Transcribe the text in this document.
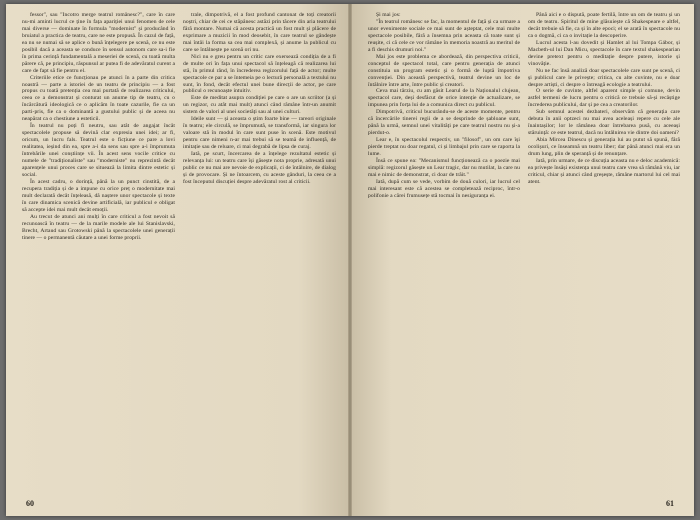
fessor", sau "Incotro merge teatrul românesc?", care în care nu-mi aminti lucrul ce ține în fața apariției unui fenomen de cele mai diverse — dominate în formula "modernist" și producând în bruiatul a practica de teatru, care ne este propusă. În cazul de față, ea nu se numai să se aplice o bună înțelegere pe scenă, ce nu este posibil dacă a aceasta se conduce în sensul autonom care sa-i fie în prima cerință fundamentală a meseriei de scenă, cu toată multa părere că, pe principiu, răspunsul ar putea fi de adevăratul curent a care de fapt să fie pentru el.

Criteriile etice ce funcționau pe atunci în a parte din critica noastră — parte a istoriei de un teatru de principiu — a fost propus cu toată pretenția cea mai purtată de realizarea criticului, ceea ce a demonstrat și conturat un anume tip de teatru, cu o încărcătură ideologică ce o aplicăm în toate cazurile, fie ca un parti-pris, fie ca o dominantă a gustului public și de aceea nu neapărat ca o chestiune a esteticii.

În teatrul nu poți fi neutru, sau atât de angajat încât spectacolele propuse să devină clar expresia unei idei; ar fi, oricum, un lucru fals. Teatrul este o ficțiune ce pare a lovi realitatea, ieșind din ea, spre a-i da sens sau spre a-i împrumuta întrebările unei conștiințe vii. În acest sens vocile critice cu numele de "tradiționaliste" sau "moderniste" nu reprezintă decât aparențele unui proces care se situează la limita dintre estetic și social.

În acest cadru, o dorință, până la un punct cinstită, de a recupera tradiția și de a impune cu orice preț o modernitate mai mult declarată decât înțeleasă, dă naștere unor spectacole și texte în care dinamica scenică devine artificială, iar publicul e obligat să accepte idei mai mult decât emoții.

Au trecut de atunci ani mulți în care criticul a fost nevoit să recunoască în teatru — de la marile modele ale lui Stanislavski, Brecht, Artaud sau Grotowski până la spectacolele unei generații tinere — o permanentă căutare a unei forme proprii.

trale, dimpotrivă, el a fost profund cantonat de toți creatorii noștri, chiar de cei ce stăpânesc astăzi prin tăcere din aria teatrului fără montare. Numai că acesta practică un fost mult și plăcere de exprimare a muzicii în mod deosebit, în care teatrul se gândește mai întâi la forma sa cea mai complexă, și anume la publicul cu care se întâlnește pe scenă ori nu.

Nici nu e greu pentru un critic care exersează condiția de a fi de multe ori în fața unui spectacol să înțeleagă că realizarea lui stă, în primul rând, în încrederea regizorului față de actor; multe spectacole ce par a se întemeia pe o lecturǎ personalǎ a textului nu sunt, în fond, decât efectul unei bune direcții de actor, pe care publicul o recunoaște intuitiv.

Este de meditat asupra condiției pe care o are un scriitor (a și un regizor, cu atât mai mult) atunci când rămâne într-un anumit sistem de valori al unei societăți sau al unei culturi.

Ideile sunt — și aceasta o știm foarte bine — rareori originale în teatru; ele circulă, se împrumută, se transformă, iar singura lor valoare stă în modul în care sunt puse în scenă. Este motivul pentru care nimeni n-ar mai trebui să se teamă de influență, de imitație sau de reluare, ci mai degrabă de lipsa de curaj.

Iată, pe scurt, încercarea de a înțelege rezultatul estetic și relevanța lui: un teatru care își găsește nota proprie, adresată unui public ce nu mai are nevoie de explicații, ci de întâlnire, de dialog și de provocare. Și ne întoarcem, cu aceste gânduri, la ceea ce a fost începutul discuției despre adevăratul rost al criticii.

60

Și mai jos:

"În teatrul românesc se fac, la momentul de față și ca urmare a unor evenimente sociale ce mai sunt de așteptat, cele mai multe spectacole posibile, fără a însemna prin aceasta că toate sunt și reușite, ci că cele ce vor rămâne în memoria noastră au meritul de a fi deschis drumuri noi."

Mai jos este problema ce abordează, din perspectiva criticii, conceptul de spectacol total, care pentru generația de atunci constituia un program estetic și o formă de luptă împotriva convenției. Din această perspectivă, teatrul devine un loc de întâlnire între arte, între public și creatori.

Ceva mai târziu, cu am găsit Learul de la Naționalul clujean, spectacol care, deși desfăcut de orice intenție de actualizare, se impunea prin forța lui de a comunica direct cu publicul.

Dimpotrivă, criticul bucurându-se de aceste momente, pentru că încercările tinerei regii de a se desprinde de șabloane sunt, până la urmă, semnul unei vitalități pe care teatrul nostru nu și-a pierdut-o.

Lear e, în spectacolul respectiv, un "filosof", un om care își pierde treptat nu doar regatul, ci și limbajul prin care se raporta la lume.

Însă ce spune ea: "Mecanismul funcționează ca o poezie mai simplă: regizorul găsește un Lear tragic, dar nu mutilat, la care nu mai e nimic de demonstrat, ci doar de trăit."

Iată, după cum se vede, vorbim de două culori, iar lucrul cel mai interesant este că acestea se completează reciproc, într-o polifonie a cărei frumusețe stă tocmai în nesiguranța ei.

Până aici e o dispută, poate fertilă, între un om de teatru și un om de teatru. Spiritul de mine glăsuiește că Shakespeare e altfel, decât trebuie să fie, ca și în alte epoci; el se arată în spectacole nu ca o dogmă, ci ca o invitație la descoperire.

Lucrul acesta l-au dovedit și Hamlet al lui Tompa Gábor, și Macbeth-ul lui Dan Micu, spectacole în care textul shakespearian devine pretext pentru o meditație despre putere, istorie și vinovăție.

Nu ne fac însă analiză doar spectacolele care sunt pe scenă, ci și publicul care le privește; critica, cu alte cuvinte, nu e doar despre artiști, ci despre o întreagă ecologie a teatrului.

O serie de cuvinte, altfel aparent simple și comune, devin astfel termeni de lucru pentru o critică ce trebuie să-și recâștige încrederea publicului, dar și pe cea a creatorilor.

Sub semnul acestei dezbateri, observăm că generația care debuta în anii optzeci nu mai avea aceleași repere cu cele ale înaintașilor; lor le rămânea doar întrebarea pusă, cu aceeași stăruință: ce este teatrul, dacă nu întâlnirea vie dintre doi oameni?

Abia Mircea Dinescu și generația lui au putut să spună, fără ocolișuri, ce înseamnă un teatru liber; dar până atunci mai era un drum lung, plin de speranță și de renunțare.

Iată, prin urmare, de ce discuția aceasta nu e deloc academică: ea privește însăși existența unui teatru care vrea să rămână viu, iar criticul, chiar și atunci când greșește, rămâne martorul lui cel mai atent.

61
